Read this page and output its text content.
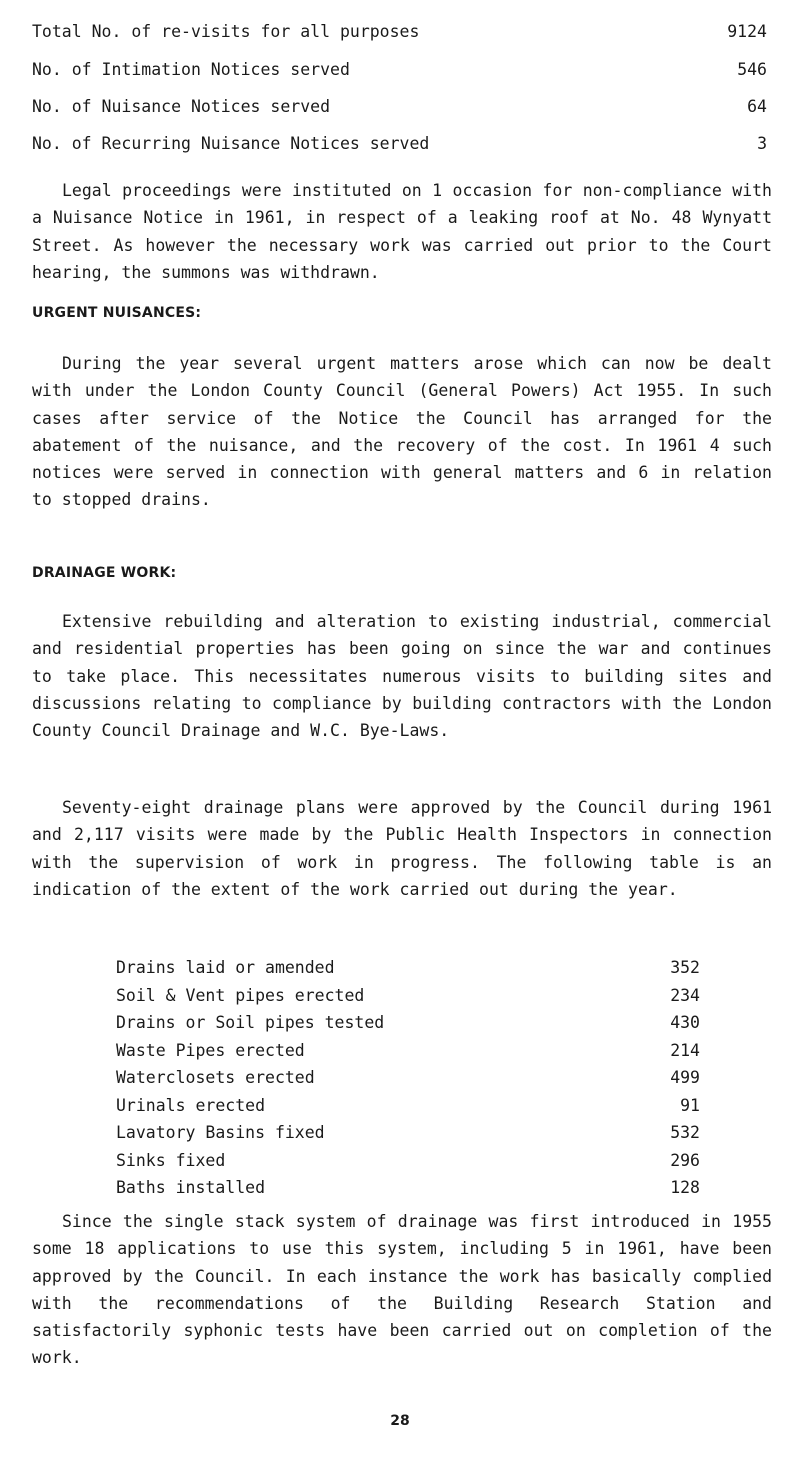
Total No. of re-visits for all purposes	9124
No. of Intimation Notices served	546
No. of Nuisance Notices served	64
No. of Recurring Nuisance Notices served	3

Legal proceedings were instituted on 1 occasion for non-compliance with a Nuisance Notice in 1961, in respect of a leaking roof at No. 48 Wynyatt Street. As however the necessary work was carried out prior to the Court hearing, the summons was withdrawn.

URGENT NUISANCES:

During the year several urgent matters arose which can now be dealt with under the London County Council (General Powers) Act 1955. In such cases after service of the Notice the Council has arranged for the abatement of the nuisance, and the recovery of the cost. In 1961 4 such notices were served in connection with general matters and 6 in relation to stopped drains.

DRAINAGE WORK:

Extensive rebuilding and alteration to existing industrial, commercial and residential properties has been going on since the war and continues to take place. This necessitates numerous visits to building sites and discussions relating to compliance by building contractors with the London County Council Drainage and W.C. Bye-Laws.

Seventy-eight drainage plans were approved by the Council during 1961 and 2,117 visits were made by the Public Health Inspectors in connection with the supervision of work in progress. The following table is an indication of the extent of the work carried out during the year.

Drains laid or amended	352
Soil & Vent pipes erected	234
Drains or Soil pipes tested	430
Waste Pipes erected	214
Waterclosets erected	499
Urinals erected	91
Lavatory Basins fixed	532
Sinks fixed	296
Baths installed	128

Since the single stack system of drainage was first introduced in 1955 some 18 applications to use this system, including 5 in 1961, have been approved by the Council. In each instance the work has basically complied with the recommendations of the Building Research Station and satisfactorily syphonic tests have been carried out on completion of the work.

28
